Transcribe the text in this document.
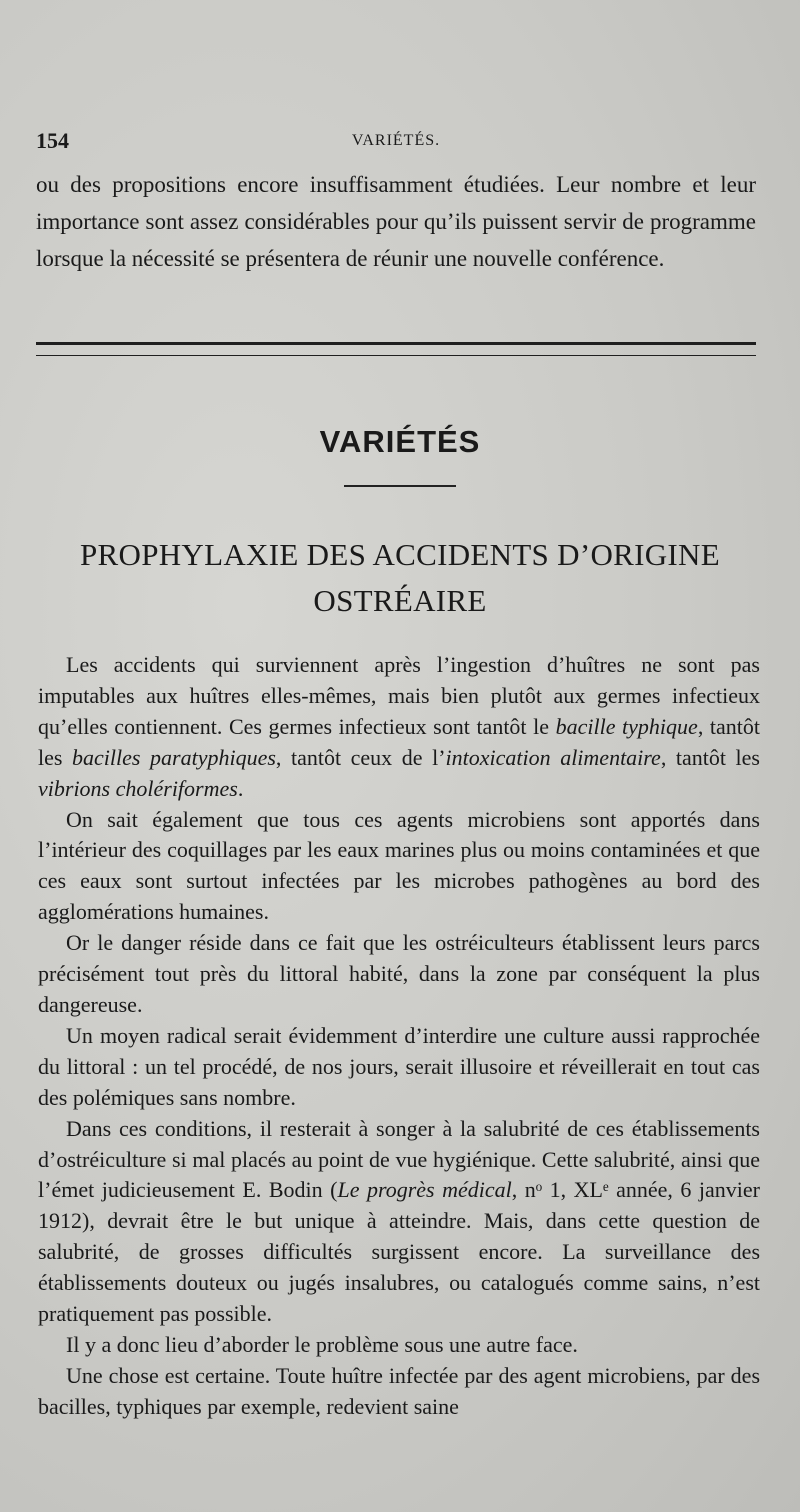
154	VARIÉTÉS.

ou des propositions encore insuffisamment étudiées. Leur nombre et leur importance sont assez considérables pour qu’ils puissent servir de programme lorsque la nécessité se présentera de réunir une nouvelle conférence.

VARIÉTÉS
PROPHYLAXIE DES ACCIDENTS D’ORIGINE
OSTRÉAIRE

Les accidents qui surviennent après l’ingestion d’huîtres ne sont pas imputables aux huîtres elles-mêmes, mais bien plutôt aux germes infectieux qu’elles contiennent. Ces germes infectieux sont tantôt le bacille typhique, tantôt les bacilles paratyphiques, tantôt ceux de l’intoxication alimentaire, tantôt les vibrions cholériformes.

On sait également que tous ces agents microbiens sont apportés dans l’intérieur des coquillages par les eaux marines plus ou moins contaminées et que ces eaux sont surtout infectées par les microbes pathogènes au bord des agglomérations humaines.

Or le danger réside dans ce fait que les ostréiculteurs établissent leurs parcs précisément tout près du littoral habité, dans la zone par conséquent la plus dangereuse.

Un moyen radical serait évidemment d’interdire une culture aussi rapprochée du littoral : un tel procédé, de nos jours, serait illusoire et réveillerait en tout cas des polémiques sans nombre.

Dans ces conditions, il resterait à songer à la salubrité de ces établissements d’ostréiculture si mal placés au point de vue hygiénique. Cette salubrité, ainsi que l’émet judicieusement E. Bodin (Le progrès médical, nᵒ 1, XLᵉ année, 6 janvier 1912), devrait être le but unique à atteindre. Mais, dans cette question de salubrité, de grosses difficultés surgissent encore. La surveillance des établissements douteux ou jugés insalubres, ou catalogués comme sains, n’est pratiquement pas possible.

Il y a donc lieu d’aborder le problème sous une autre face.

Une chose est certaine. Toute huître infectée par des agent microbiens, par des bacilles, typhiques par exemple, redevient saine
